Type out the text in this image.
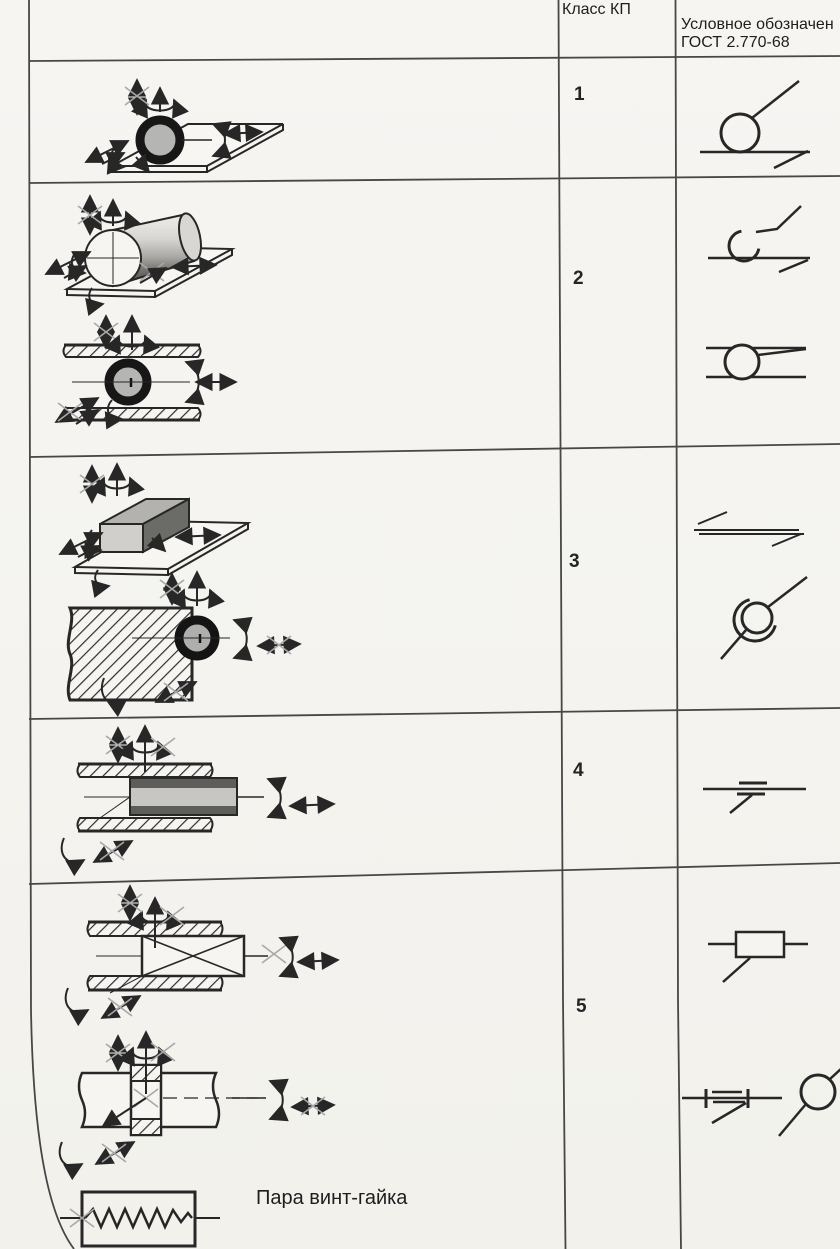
Класс КП
Условное обозначен
ГОСТ 2.770-68
1
2
3
4
5
Пара винт-гайка
